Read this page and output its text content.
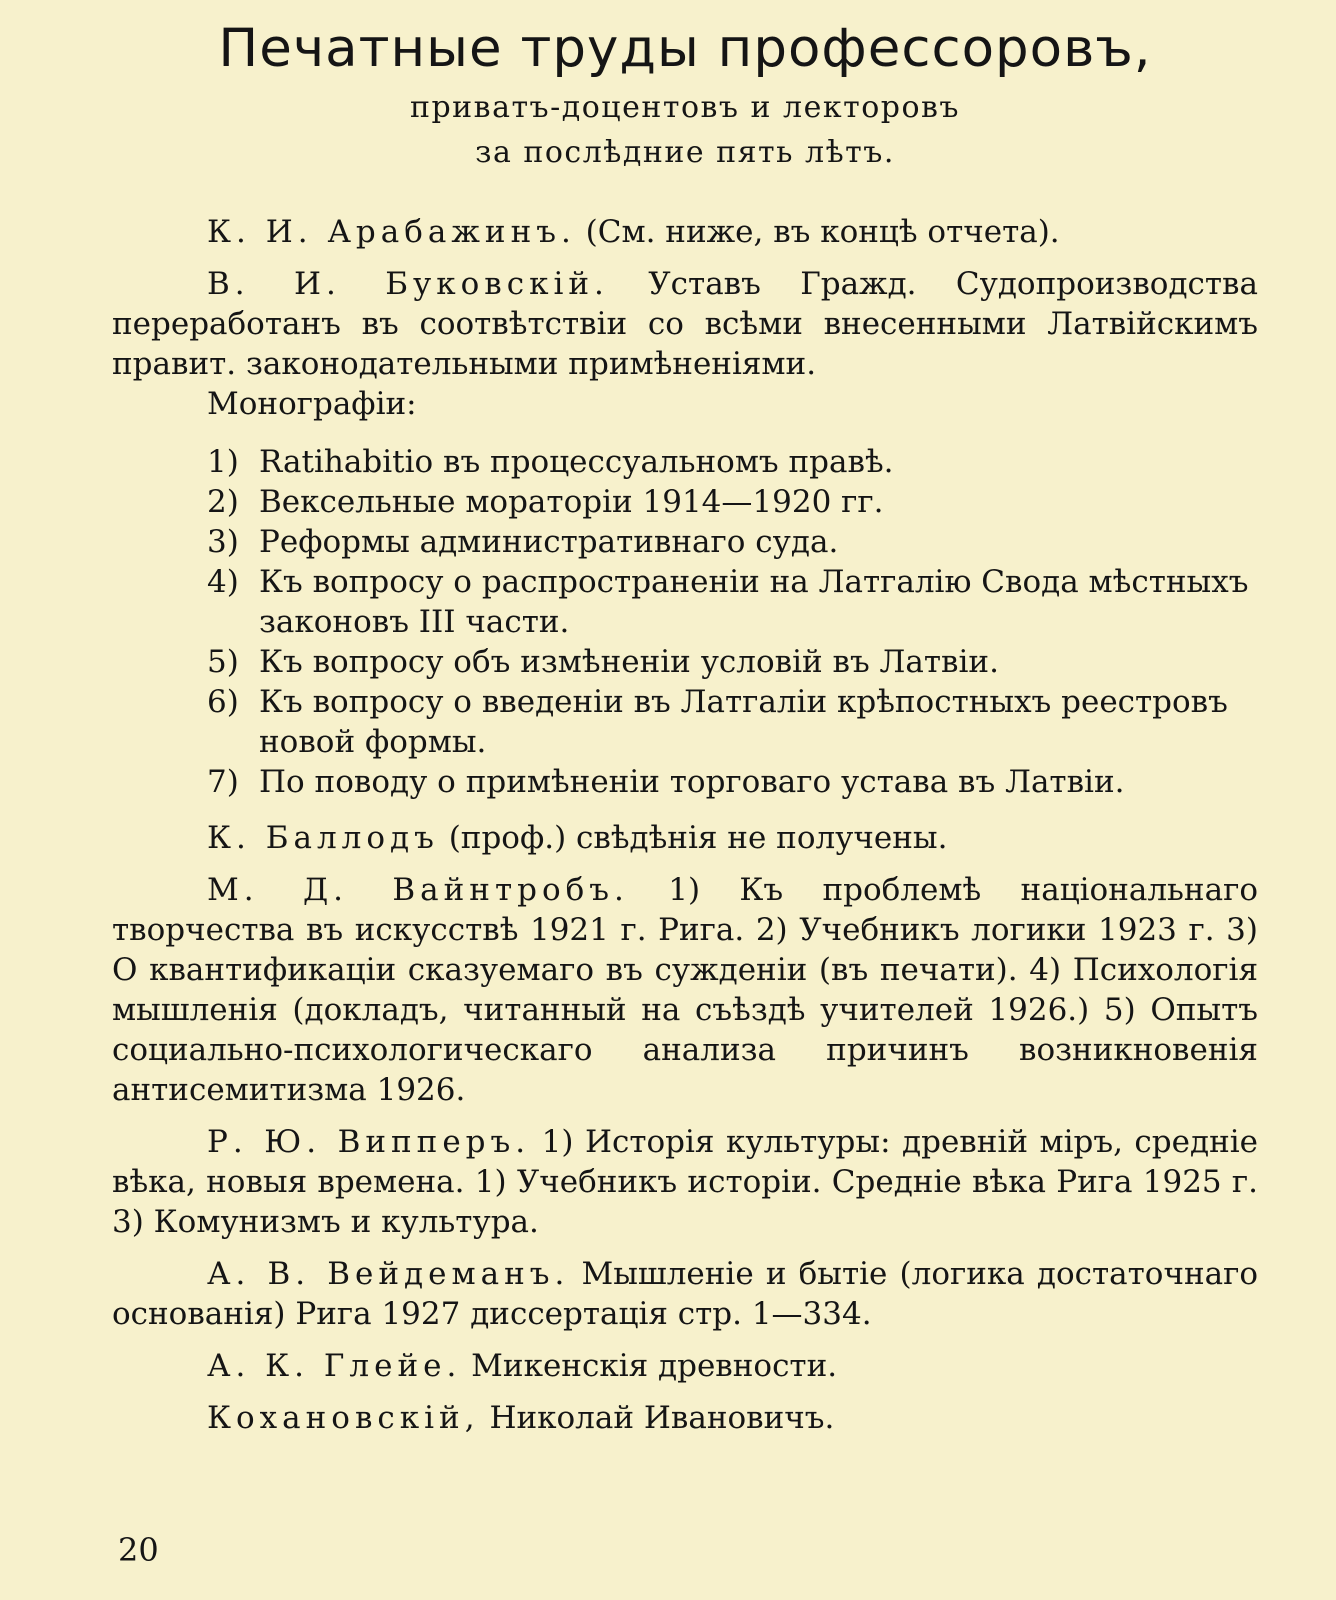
Печатные труды профессоровъ,
приватъ-доцентовъ и лекторовъ
за послѣдние пять лѣтъ.

К. И. Арабажинъ. (См. ниже, въ концѣ отчета).

В. И. Буковскій. Уставъ Гражд. Судопроизводства переработанъ въ соотвѣтствіи со всѣми внесенными Латвійскимъ правит. законодательными примѣненіями.

Монографіи:

1) Ratihabitio въ процессуальномъ правѣ.
2) Вексельные мораторіи 1914—1920 гг.
3) Реформы административнаго суда.
4) Къ вопросу о распространеніи на Латгалію Свода мѣстныхъ законовъ III части.
5) Къ вопросу объ измѣненіи условій въ Латвіи.
6) Къ вопросу о введеніи въ Латгаліи крѣпостныхъ реестровъ новой формы.
7) По поводу о примѣненіи торговаго устава въ Латвіи.

К. Баллодъ (проф.) свѣдѣнія не получены.

М. Д. Вайнтробъ. 1) Къ проблемѣ національнаго творчества въ искусствѣ 1921 г. Рига. 2) Учебникъ логики 1923 г. 3) О квантификаціи сказуемаго въ сужденіи (въ печати). 4) Психологія мышленія (докладъ, читанный на съѣздѣ учителей 1926.) 5) Опытъ социально-психологическаго анализа причинъ возникновенія антисемитизма 1926.

Р. Ю. Випперъ. 1) Исторія культуры: древній міръ, средніе вѣка, новыя времена. 1) Учебникъ исторіи. Средніе вѣка Рига 1925 г. 3) Комунизмъ и культура.

А. В. Вейдеманъ. Мышленіе и бытіе (логика достаточнаго основанія) Рига 1927 диссертація стр. 1—334.

А. К. Глейе. Микенскія древности.

Кохановскій, Николай Ивановичъ.

20
